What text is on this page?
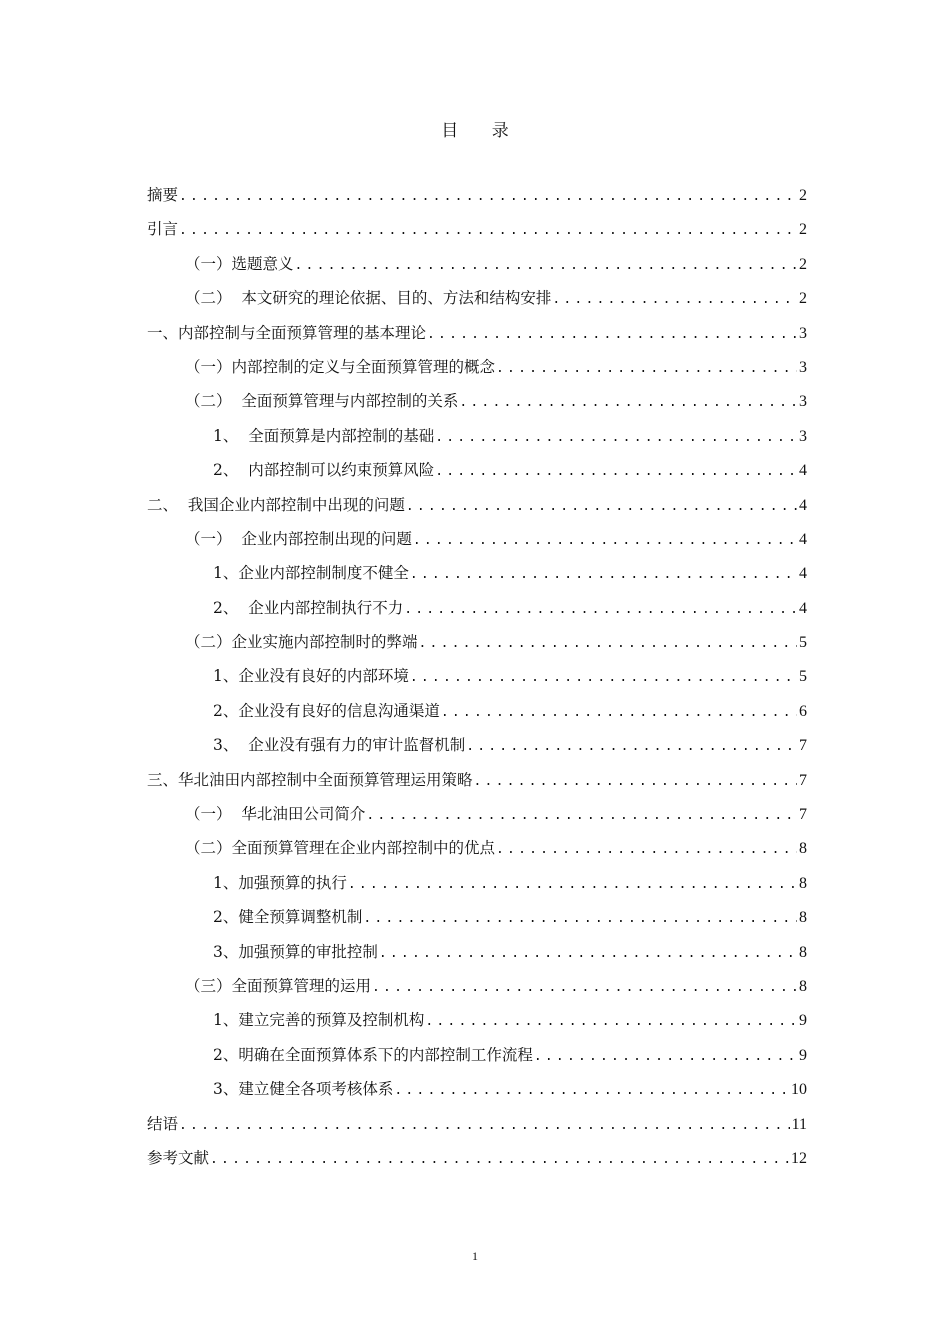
目 录
摘要 .....	2
引言 .....	2
（一）选题意义 .....	2
（二）  本文研究的理论依据、目的、方法和结构安排 .....	2
一、内部控制与全面预算管理的基本理论 .....	3
（一）内部控制的定义与全面预算管理的概念 .....	3
（二）  全面预算管理与内部控制的关系 .....	3
1、  全面预算是内部控制的基础 .....	3
2、  内部控制可以约束预算风险 .....	4
二、  我国企业内部控制中出现的问题 .....	4
（一）  企业内部控制出现的问题 .....	4
1、企业内部控制制度不健全 .....	4
2、  企业内部控制执行不力 .....	4
（二）企业实施内部控制时的弊端 .....	5
1、企业没有良好的内部环境 .....	5
2、企业没有良好的信息沟通渠道 .....	6
3、  企业没有强有力的审计监督机制 .....	7
三、华北油田内部控制中全面预算管理运用策略 .....	7
（一）  华北油田公司简介 .....	7
（二）全面预算管理在企业内部控制中的优点 .....	8
1、加强预算的执行 .....	8
2、健全预算调整机制 .....	8
3、加强预算的审批控制 .....	8
（三）全面预算管理的运用 .....	8
1、建立完善的预算及控制机构 .....	9
2、明确在全面预算体系下的内部控制工作流程 .....	9
3、建立健全各项考核体系 .....	10
结语 .....	11
参考文献 .....	12
1
